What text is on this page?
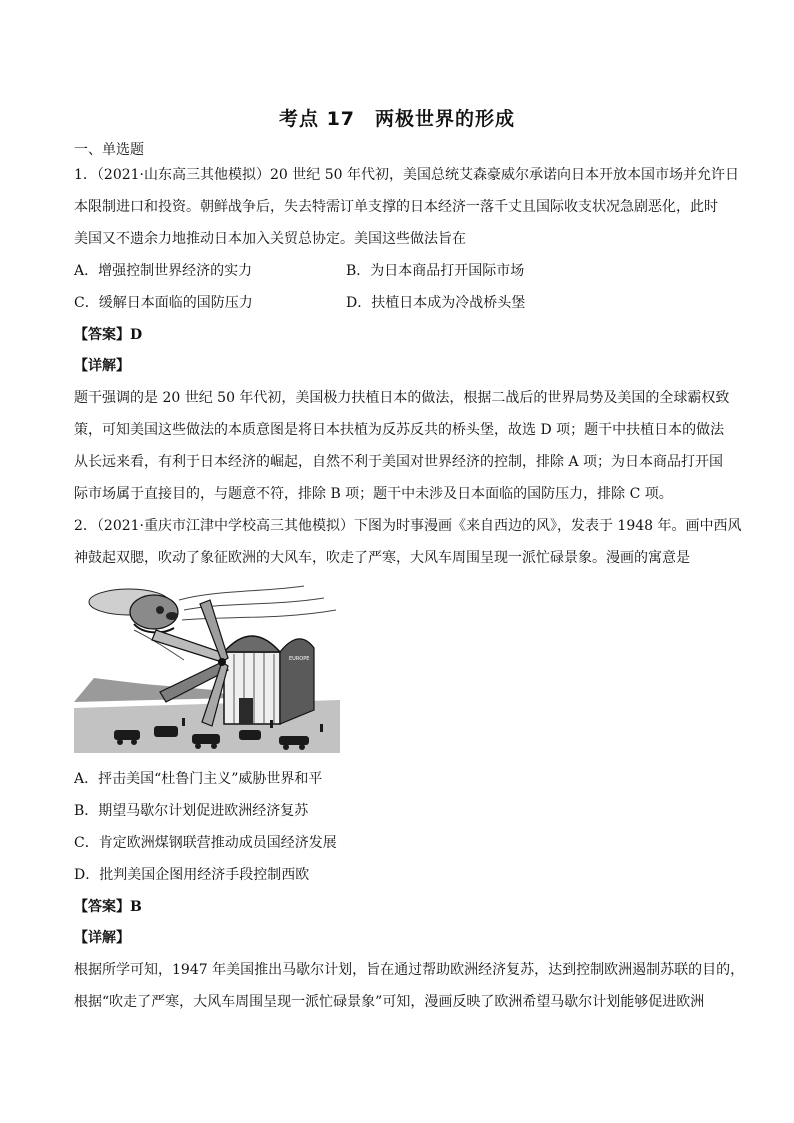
考点 17　两极世界的形成
一、单选题
1．（2021·山东高三其他模拟）20 世纪 50 年代初，美国总统艾森豪威尔承诺向日本开放本国市场并允许日
本限制进口和投资。朝鲜战争后，失去特需订单支撑的日本经济一落千丈且国际收支状况急剧恶化，此时
美国又不遗余力地推动日本加入关贸总协定。美国这些做法旨在
A．增强控制世界经济的实力	B．为日本商品打开国际市场
C．缓解日本面临的国防压力	D．扶植日本成为冷战桥头堡
【答案】D
【详解】
题干强调的是 20 世纪 50 年代初，美国极力扶植日本的做法，根据二战后的世界局势及美国的全球霸权致
策，可知美国这些做法的本质意图是将日本扶植为反苏反共的桥头堡，故选 D 项；题干中扶植日本的做法
从长远来看，有利于日本经济的崛起，自然不利于美国对世界经济的控制，排除 A 项；为日本商品打开国
际市场属于直接目的，与题意不符，排除 B 项；题干中未涉及日本面临的国防压力，排除 C 项。
2．（2021·重庆市江津中学校高三其他模拟）下图为时事漫画《来自西边的风》，发表于 1948 年。画中西风
神鼓起双腮，吹动了象征欧洲的大风车，吹走了严寒，大风车周围呈现一派忙碌景象。漫画的寓意是
EUROPE
A．抨击美国“杜鲁门主义”威胁世界和平
B．期望马歇尔计划促进欧洲经济复苏
C．肯定欧洲煤钢联营推动成员国经济发展
D．批判美国企图用经济手段控制西欧
【答案】B
【详解】
根据所学可知，1947 年美国推出马歇尔计划，旨在通过帮助欧洲经济复苏，达到控制欧洲遏制苏联的目的，
根据“吹走了严寒，大风车周围呈现一派忙碌景象”可知，漫画反映了欧洲希望马歇尔计划能够促进欧洲
